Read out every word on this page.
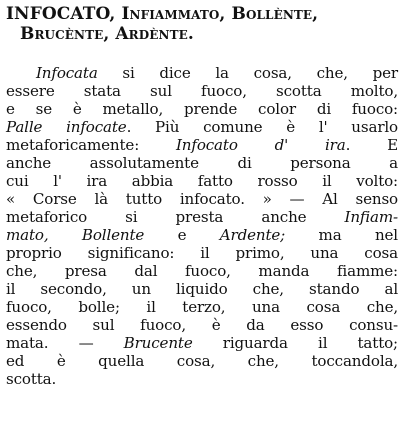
INFOCATO, Infiammato, Bollènte,
Brucènte, Ardènte.
Infocata si dice la cosa, che, per
essere stata sul fuoco, scotta molto,
e se è metallo, prende color di fuoco:
Palle infocate. Più comune è l' usarlo
metaforicamente: Infocato d' ira. E
anche assolutamente di persona a
cui l' ira abbia fatto rosso il volto:
« Corse là tutto infocato. » — Al senso
metaforico si presta anche Infiam-
mato, Bollente e Ardente; ma nel
proprio significano: il primo, una cosa
che, presa dal fuoco, manda fiamme:
il secondo, un liquido che, stando al
fuoco, bolle; il terzo, una cosa che,
essendo sul fuoco, è da esso consu-
mata. — Brucente riguarda il tatto;
ed è quella cosa, che, toccandola,
scotta.
